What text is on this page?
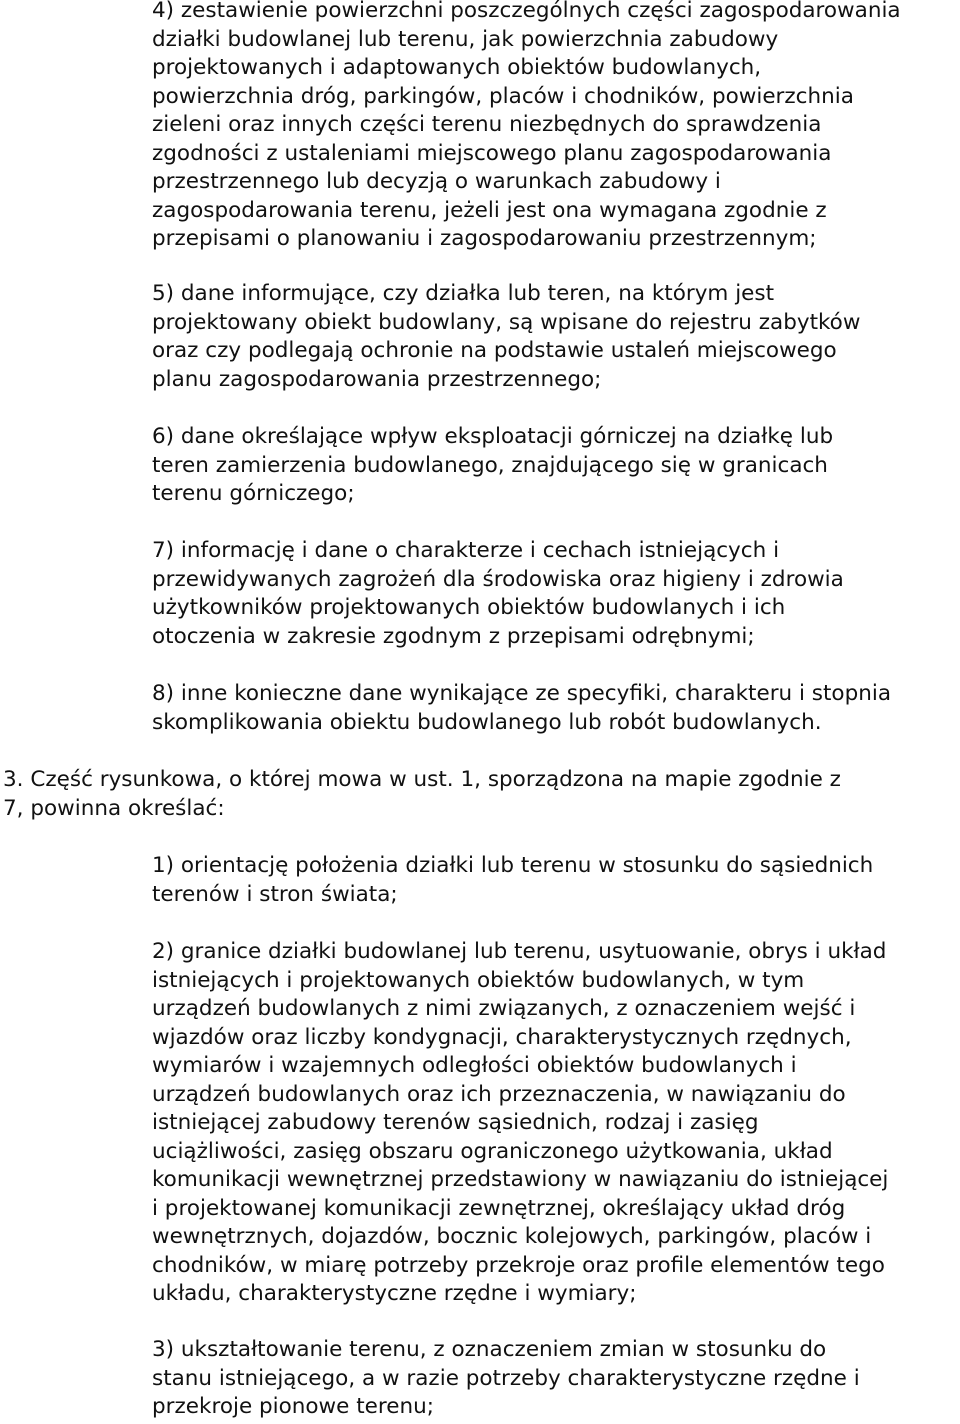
4) zestawienie powierzchni poszczególnych części zagospodarowania
działki budowlanej lub terenu, jak powierzchnia zabudowy
projektowanych i adaptowanych obiektów budowlanych,
powierzchnia dróg, parkingów, placów i chodników, powierzchnia
zieleni oraz innych części terenu niezbędnych do sprawdzenia
zgodności z ustaleniami miejscowego planu zagospodarowania
przestrzennego lub decyzją o warunkach zabudowy i
zagospodarowania terenu, jeżeli jest ona wymagana zgodnie z
przepisami o planowaniu i zagospodarowaniu przestrzennym;

5) dane informujące, czy działka lub teren, na którym jest
projektowany obiekt budowlany, są wpisane do rejestru zabytków
oraz czy podlegają ochronie na podstawie ustaleń miejscowego
planu zagospodarowania przestrzennego;

6) dane określające wpływ eksploatacji górniczej na działkę lub
teren zamierzenia budowlanego, znajdującego się w granicach
terenu górniczego;

7) informację i dane o charakterze i cechach istniejących i
przewidywanych zagrożeń dla środowiska oraz higieny i zdrowia
użytkowników projektowanych obiektów budowlanych i ich
otoczenia w zakresie zgodnym z przepisami odrębnymi;

8) inne konieczne dane wynikające ze specyfiki, charakteru i stopnia
skomplikowania obiektu budowlanego lub robót budowlanych.

3. Część rysunkowa, o której mowa w ust. 1, sporządzona na mapie zgodnie z
7, powinna określać:

1) orientację położenia działki lub terenu w stosunku do sąsiednich
terenów i stron świata;

2) granice działki budowlanej lub terenu, usytuowanie, obrys i układ
istniejących i projektowanych obiektów budowlanych, w tym
urządzeń budowlanych z nimi związanych, z oznaczeniem wejść i
wjazdów oraz liczby kondygnacji, charakterystycznych rzędnych,
wymiarów i wzajemnych odległości obiektów budowlanych i
urządzeń budowlanych oraz ich przeznaczenia, w nawiązaniu do
istniejącej zabudowy terenów sąsiednich, rodzaj i zasięg
uciążliwości, zasięg obszaru ograniczonego użytkowania, układ
komunikacji wewnętrznej przedstawiony w nawiązaniu do istniejącej
i projektowanej komunikacji zewnętrznej, określający układ dróg
wewnętrznych, dojazdów, bocznic kolejowych, parkingów, placów i
chodników, w miarę potrzeby przekroje oraz profile elementów tego
układu, charakterystyczne rzędne i wymiary;

3) ukształtowanie terenu, z oznaczeniem zmian w stosunku do
stanu istniejącego, a w razie potrzeby charakterystyczne rzędne i
przekroje pionowe terenu;
